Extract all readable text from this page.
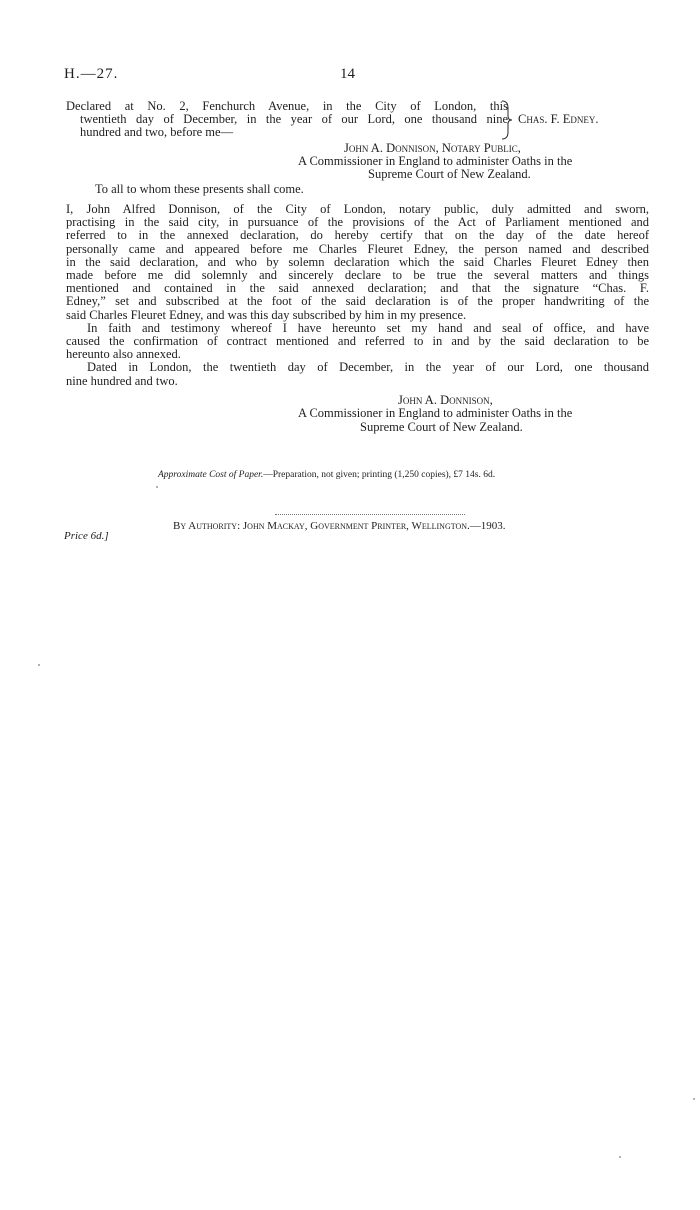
H.—27.	14
Declared at No. 2, Fenchurch Avenue, in the City of London, this
twentieth day of December, in the year of our Lord, one thousand nine
hundred and two, before me—
Chas. F. Edney.
John A. Donnison, Notary Public,
A Commissioner in England to administer Oaths in the
Supreme Court of New Zealand.
To all to whom these presents shall come.
I, John Alfred Donnison, of the City of London, notary public, duly admitted and sworn,
practising in the said city, in pursuance of the provisions of the Act of Parliament mentioned and
referred to in the annexed declaration, do hereby certify that on the day of the date hereof
personally came and appeared before me Charles Fleuret Edney, the person named and described
in the said declaration, and who by solemn declaration which the said Charles Fleuret Edney then
made before me did solemnly and sincerely declare to be true the several matters and things
mentioned and contained in the said annexed declaration; and that the signature “Chas. F.
Edney,” set and subscribed at the foot of the said declaration is of the proper handwriting of the
said Charles Fleuret Edney, and was this day subscribed by him in my presence.
In faith and testimony whereof I have hereunto set my hand and seal of office, and have
caused the confirmation of contract mentioned and referred to in and by the said declaration to be
hereunto also annexed.
Dated in London, the twentieth day of December, in the year of our Lord, one thousand
nine hundred and two.
John A. Donnison,
A Commissioner in England to administer Oaths in the
Supreme Court of New Zealand.
Approximate Cost of Paper.—Preparation, not given; printing (1,250 copies), £7 14s. 6d.
By Authority: John Mackay, Government Printer, Wellington.—1903.
Price 6d.]
